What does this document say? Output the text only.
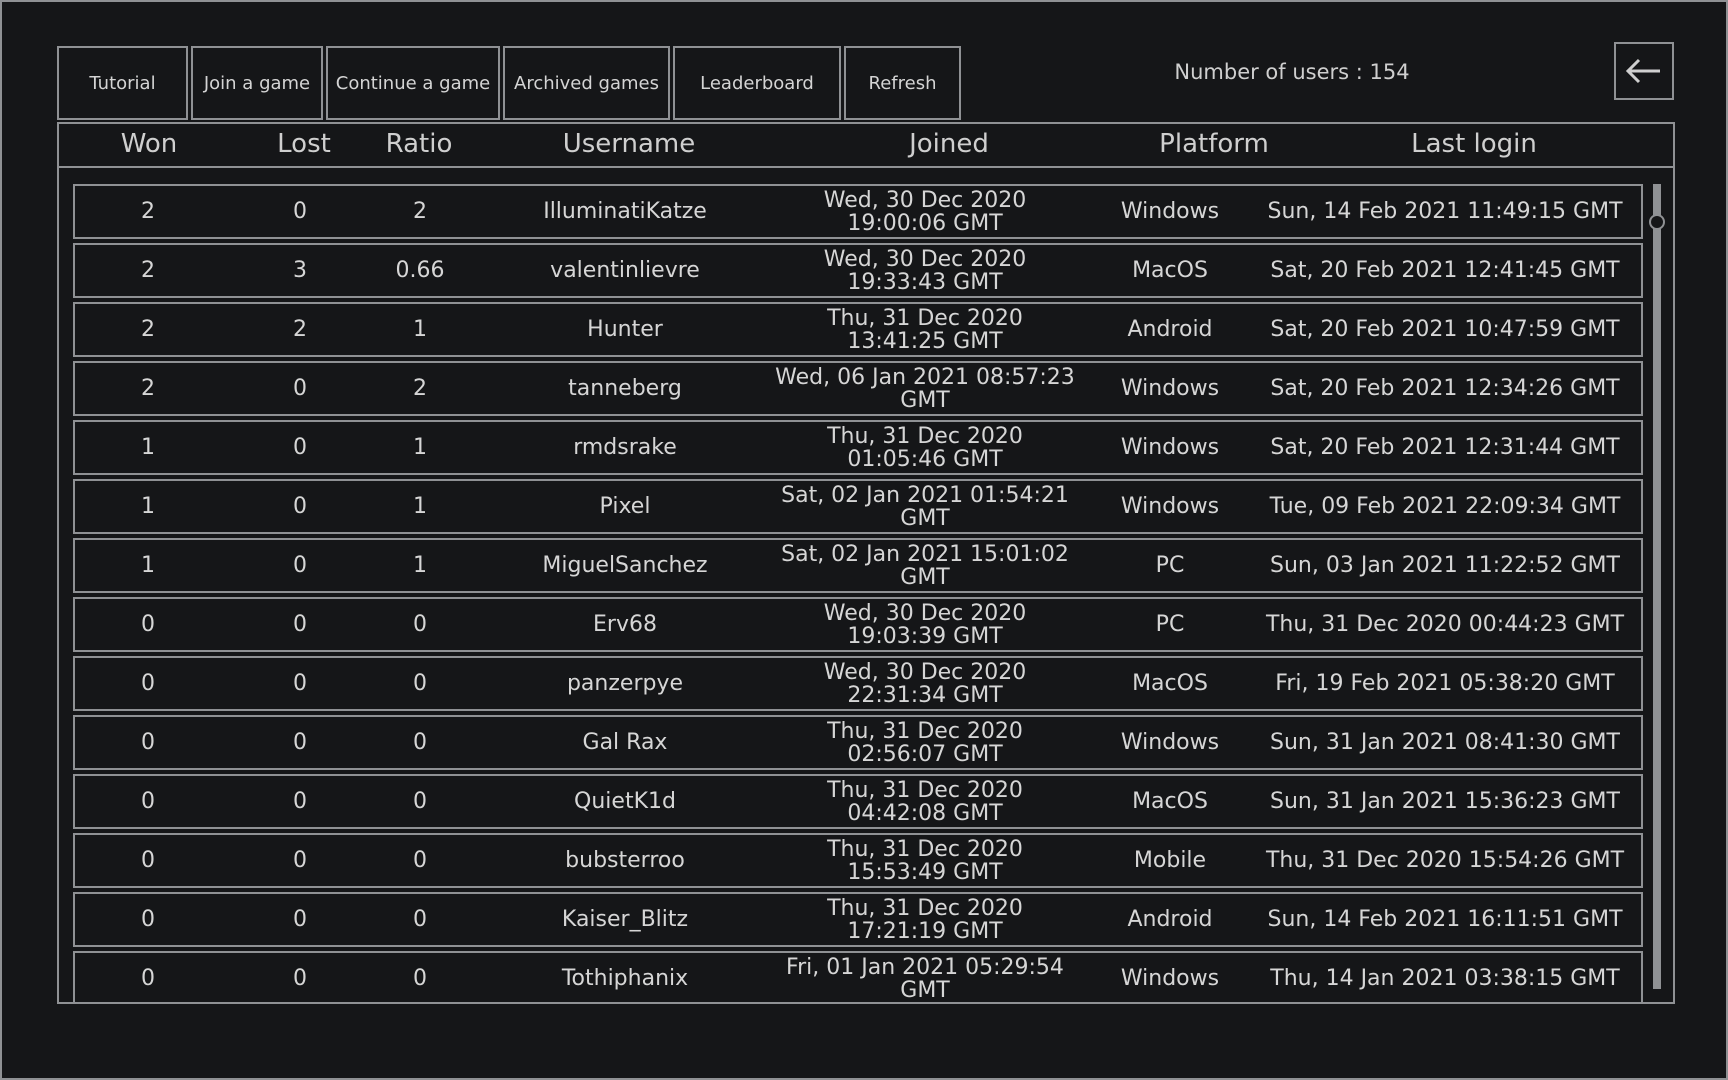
Tutorial	Join a game	Continue a game	Archived games	Leaderboard	Refresh	Number of users : 154
Won	Lost	Ratio	Username	Joined	Platform	Last login
2	0	2	IlluminatiKatze	Wed, 30 Dec 2020 19:00:06 GMT	Windows	Sun, 14 Feb 2021 11:49:15 GMT
2	3	0.66	valentinlievre	Wed, 30 Dec 2020 19:33:43 GMT	MacOS	Sat, 20 Feb 2021 12:41:45 GMT
2	2	1	Hunter	Thu, 31 Dec 2020 13:41:25 GMT	Android	Sat, 20 Feb 2021 10:47:59 GMT
2	0	2	tanneberg	Wed, 06 Jan 2021 08:57:23 GMT	Windows	Sat, 20 Feb 2021 12:34:26 GMT
1	0	1	rmdsrake	Thu, 31 Dec 2020 01:05:46 GMT	Windows	Sat, 20 Feb 2021 12:31:44 GMT
1	0	1	Pixel	Sat, 02 Jan 2021 01:54:21 GMT	Windows	Tue, 09 Feb 2021 22:09:34 GMT
1	0	1	MiguelSanchez	Sat, 02 Jan 2021 15:01:02 GMT	PC	Sun, 03 Jan 2021 11:22:52 GMT
0	0	0	Erv68	Wed, 30 Dec 2020 19:03:39 GMT	PC	Thu, 31 Dec 2020 00:44:23 GMT
0	0	0	panzerpye	Wed, 30 Dec 2020 22:31:34 GMT	MacOS	Fri, 19 Feb 2021 05:38:20 GMT
0	0	0	Gal Rax	Thu, 31 Dec 2020 02:56:07 GMT	Windows	Sun, 31 Jan 2021 08:41:30 GMT
0	0	0	QuietK1d	Thu, 31 Dec 2020 04:42:08 GMT	MacOS	Sun, 31 Jan 2021 15:36:23 GMT
0	0	0	bubsterroo	Thu, 31 Dec 2020 15:53:49 GMT	Mobile	Thu, 31 Dec 2020 15:54:26 GMT
0	0	0	Kaiser_Blitz	Thu, 31 Dec 2020 17:21:19 GMT	Android	Sun, 14 Feb 2021 16:11:51 GMT
0	0	0	Tothiphanix	Fri, 01 Jan 2021 05:29:54 GMT	Windows	Thu, 14 Jan 2021 03:38:15 GMT
